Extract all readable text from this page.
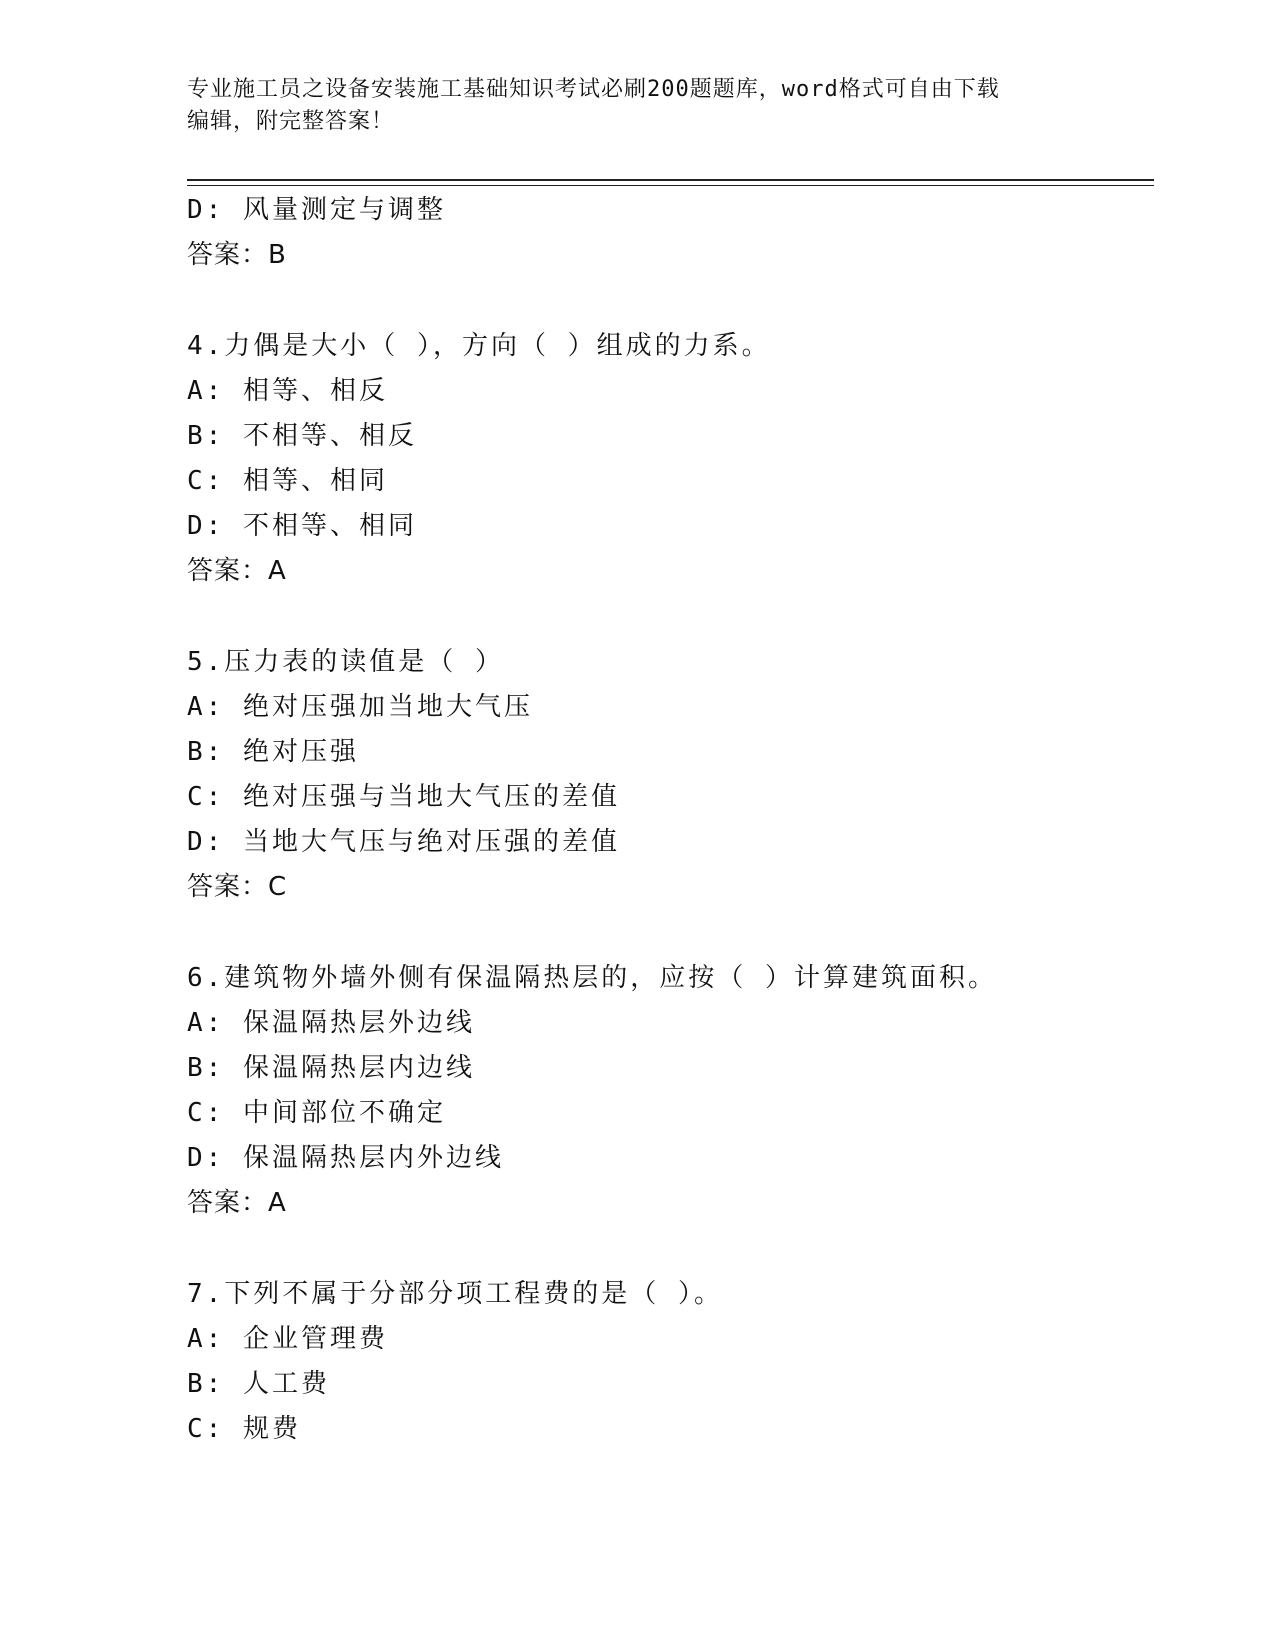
专业施工员之设备安装施工基础知识考试必刷200题题库，word格式可自由下载
编辑，附完整答案！
D: 风量测定与调整
答案：B
4.力偶是大小（ ），方向（ ）组成的力系。
A: 相等、相反
B: 不相等、相反
C: 相等、相同
D: 不相等、相同
答案：A
5.压力表的读值是（ ）
A: 绝对压强加当地大气压
B: 绝对压强
C: 绝对压强与当地大气压的差值
D: 当地大气压与绝对压强的差值
答案：C
6.建筑物外墙外侧有保温隔热层的，应按（ ）计算建筑面积。
A: 保温隔热层外边线
B: 保温隔热层内边线
C: 中间部位不确定
D: 保温隔热层内外边线
答案：A
7.下列不属于分部分项工程费的是（ ）。
A: 企业管理费
B: 人工费
C: 规费
